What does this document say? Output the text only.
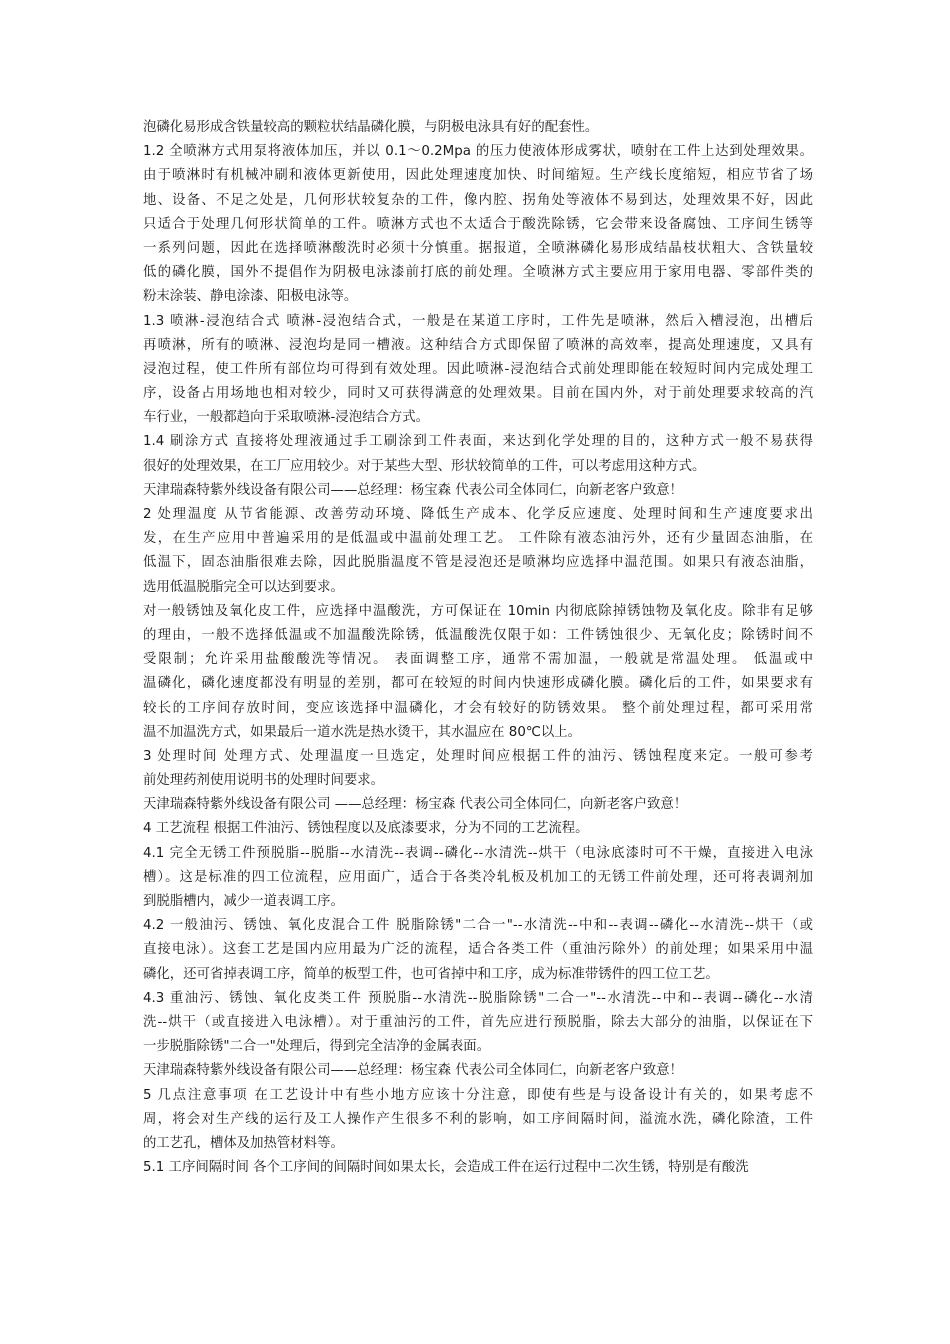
泡磷化易形成含铁量较高的颗粒状结晶磷化膜，与阴极电泳具有好的配套性。
1.2 全喷淋方式用泵将液体加压，并以 0.1～0.2Mpa 的压力使液体形成雾状，喷射在工件上达到处理效果。
由于喷淋时有机械冲刷和液体更新使用，因此处理速度加快、时间缩短。生产线长度缩短，相应节省了场
地、设备、不足之处是，几何形状较复杂的工件，像内腔、拐角处等液体不易到达，处理效果不好，因此
只适合于处理几何形状简单的工件。喷淋方式也不太适合于酸洗除锈，它会带来设备腐蚀、工序间生锈等
一系列问题，因此在选择喷淋酸洗时必须十分慎重。据报道，全喷淋磷化易形成结晶枝状粗大、含铁量较
低的磷化膜，国外不提倡作为阴极电泳漆前打底的前处理。全喷淋方式主要应用于家用电器、零部件类的
粉末涂装、静电涂漆、阳极电泳等。
1.3 喷淋-浸泡结合式 喷淋-浸泡结合式，一般是在某道工序时，工件先是喷淋，然后入槽浸泡，出槽后
再喷淋，所有的喷淋、浸泡均是同一槽液。这种结合方式即保留了喷淋的高效率，提高处理速度，又具有
浸泡过程，使工件所有部位均可得到有效处理。因此喷淋-浸泡结合式前处理即能在较短时间内完成处理工
序，设备占用场地也相对较少，同时又可获得满意的处理效果。目前在国内外，对于前处理要求较高的汽
车行业，一般都趋向于采取喷淋-浸泡结合方式。
1.4 刷涂方式 直接将处理液通过手工刷涂到工件表面，来达到化学处理的目的，这种方式一般不易获得
很好的处理效果，在工厂应用较少。对于某些大型、形状较简单的工件，可以考虑用这种方式。
天津瑞森特紫外线设备有限公司——总经理：杨宝森 代表公司全体同仁，向新老客户致意！
2 处理温度 从节省能源、改善劳动环境、降低生产成本、化学反应速度、处理时间和生产速度要求出
发，在生产应用中普遍采用的是低温或中温前处理工艺。 工件除有液态油污外，还有少量固态油脂，在
低温下，固态油脂很难去除，因此脱脂温度不管是浸泡还是喷淋均应选择中温范围。如果只有液态油脂，
选用低温脱脂完全可以达到要求。
对一般锈蚀及氧化皮工件，应选择中温酸洗，方可保证在 10min 内彻底除掉锈蚀物及氧化皮。除非有足够
的理由，一般不选择低温或不加温酸洗除锈，低温酸洗仅限于如：工件锈蚀很少、无氧化皮；除锈时间不
受限制；允许采用盐酸酸洗等情况。 表面调整工序，通常不需加温，一般就是常温处理。 低温或中
温磷化，磷化速度都没有明显的差别，都可在较短的时间内快速形成磷化膜。磷化后的工件，如果要求有
较长的工序间存放时间，变应该选择中温磷化，才会有较好的防锈效果。 整个前处理过程，都可采用常
温不加温洗方式，如果最后一道水洗是热水烫干，其水温应在 80℃以上。
3 处理时间 处理方式、处理温度一旦选定，处理时间应根据工件的油污、锈蚀程度来定。一般可参考
前处理药剂使用说明书的处理时间要求。
天津瑞森特紫外线设备有限公司 ——总经理：杨宝森 代表公司全体同仁，向新老客户致意！
4 工艺流程 根据工件油污、锈蚀程度以及底漆要求，分为不同的工艺流程。
4.1 完全无锈工件预脱脂--脱脂--水清洗--表调--磷化--水清洗--烘干（电泳底漆时可不干燥，直接进入电泳
槽）。这是标准的四工位流程，应用面广，适合于各类冷轧板及机加工的无锈工件前处理，还可将表调剂加
到脱脂槽内，减少一道表调工序。
4.2 一般油污、锈蚀、氧化皮混合工件 脱脂除锈"二合一"--水清洗--中和--表调--磷化--水清洗--烘干（或
直接电泳）。这套工艺是国内应用最为广泛的流程，适合各类工件（重油污除外）的前处理；如果采用中温
磷化，还可省掉表调工序，简单的板型工件，也可省掉中和工序，成为标准带锈件的四工位工艺。
4.3 重油污、锈蚀、氧化皮类工件 预脱脂--水清洗--脱脂除锈"二合一"--水清洗--中和--表调--磷化--水清
洗--烘干（或直接进入电泳槽）。对于重油污的工件，首先应进行预脱脂，除去大部分的油脂，以保证在下
一步脱脂除锈"二合一"处理后，得到完全洁净的金属表面。
天津瑞森特紫外线设备有限公司——总经理：杨宝森 代表公司全体同仁，向新老客户致意！
5 几点注意事项 在工艺设计中有些小地方应该十分注意，即使有些是与设备设计有关的，如果考虑不
周，将会对生产线的运行及工人操作产生很多不利的影响，如工序间隔时间，溢流水洗，磷化除渣，工件
的工艺孔，槽体及加热管材料等。
5.1 工序间隔时间 各个工序间的间隔时间如果太长，会造成工件在运行过程中二次生锈，特别是有酸洗
